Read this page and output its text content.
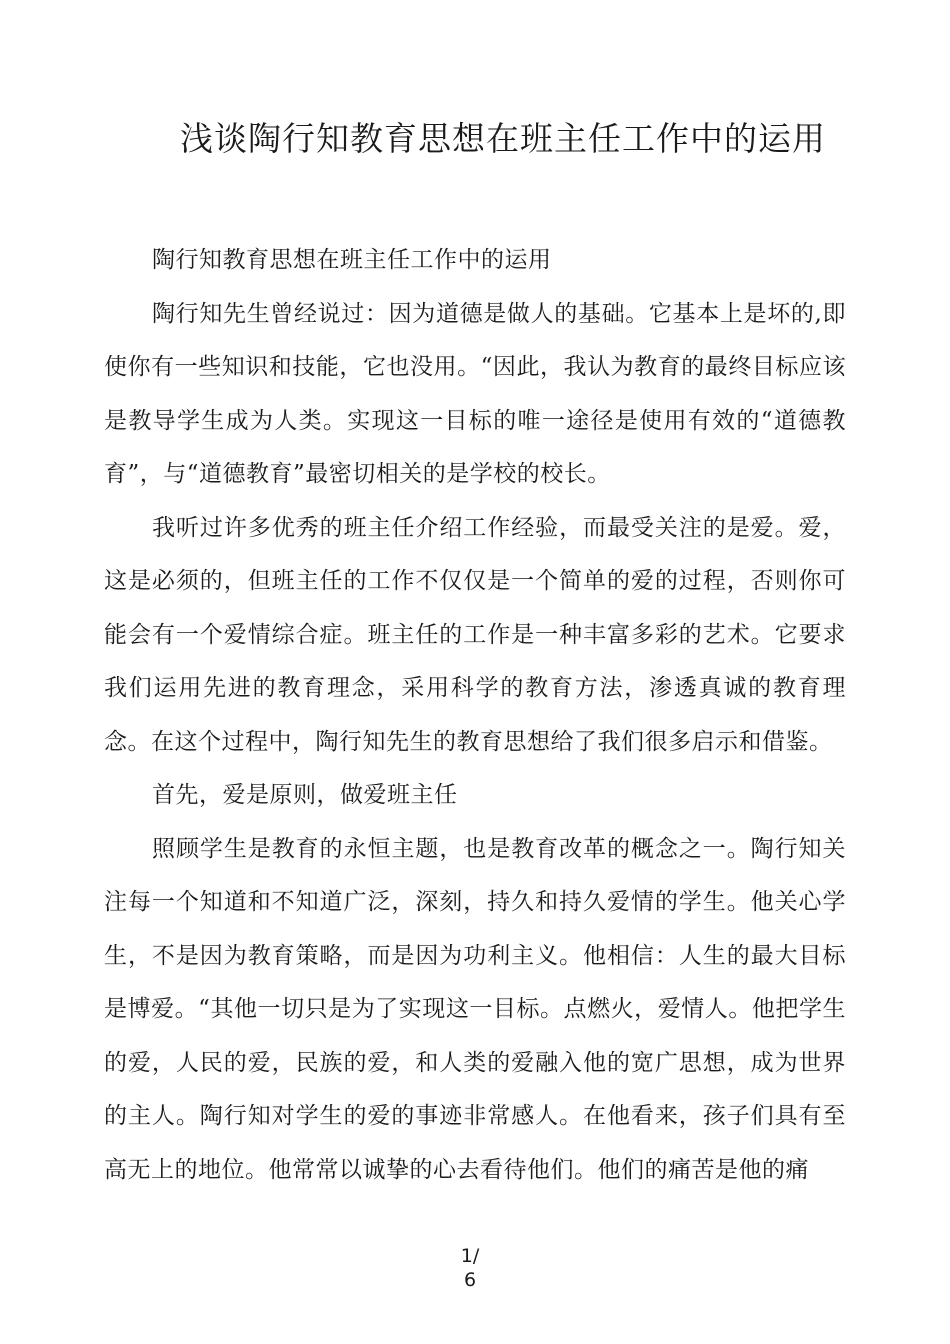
浅谈陶行知教育思想在班主任工作中的运用

陶行知教育思想在班主任工作中的运用

陶行知先生曾经说过：因为道德是做人的基础。它基本上是坏的,即使你有一些知识和技能，它也没用。“因此，我认为教育的最终目标应该是教导学生成为人类。实现这一目标的唯一途径是使用有效的“道德教育”，与“道德教育”最密切相关的是学校的校长。

我听过许多优秀的班主任介绍工作经验，而最受关注的是爱。爱，这是必须的，但班主任的工作不仅仅是一个简单的爱的过程，否则你可能会有一个爱情综合症。班主任的工作是一种丰富多彩的艺术。它要求我们运用先进的教育理念，采用科学的教育方法，渗透真诚的教育理念。在这个过程中，陶行知先生的教育思想给了我们很多启示和借鉴。

首先，爱是原则，做爱班主任

照顾学生是教育的永恒主题，也是教育改革的概念之一。陶行知关注每一个知道和不知道广泛，深刻，持久和持久爱情的学生。他关心学生，不是因为教育策略，而是因为功利主义。他相信：人生的最大目标是博爱。“其他一切只是为了实现这一目标。点燃火，爱情人。他把学生的爱，人民的爱，民族的爱，和人类的爱融入他的宽广思想，成为世界的主人。陶行知对学生的爱的事迹非常感人。在他看来，孩子们具有至高无上的地位。他常常以诚挚的心去看待他们。他们的痛苦是他的痛

1/
6
